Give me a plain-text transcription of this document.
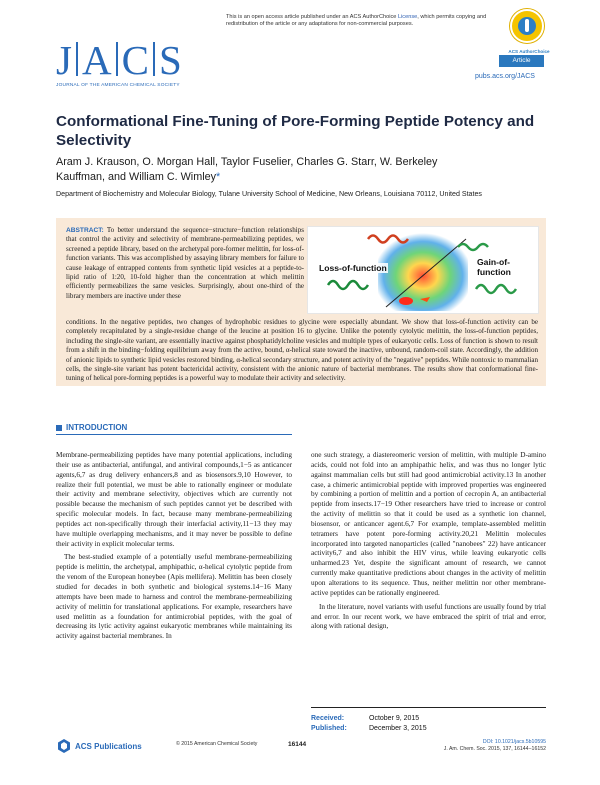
This is an open access article published under an ACS AuthorChoice License, which permits copying and redistribution of the article or any adaptations for non-commercial purposes.
ACS AuthorChoice
J A C S
JOURNAL OF THE AMERICAN CHEMICAL SOCIETY
Article
pubs.acs.org/JACS
Conformational Fine-Tuning of Pore-Forming Peptide Potency and Selectivity
Aram J. Krauson, O. Morgan Hall, Taylor Fuselier, Charles G. Starr, W. Berkeley Kauffman, and William C. Wimley*
Department of Biochemistry and Molecular Biology, Tulane University School of Medicine, New Orleans, Louisiana 70112, United States
ABSTRACT: To better understand the sequence−structure−function relationships that control the activity and selectivity of membrane-permeabilizing peptides, we screened a peptide library, based on the archetypal pore-former melittin, for loss-of-function variants. This was accomplished by assaying library members for failure to cause leakage of entrapped contents from synthetic lipid vesicles at a peptide-to-lipid ratio of 1:20, 10-fold higher than the concentration at which melittin efficiently permeabilizes the same vesicles. Surprisingly, about one-third of the library members are inactive under these
Loss-of-function
Gain-of-function
conditions. In the negative peptides, two changes of hydrophobic residues to glycine were especially abundant. We show that loss-of-function activity can be completely recapitulated by a single-residue change of the leucine at position 16 to glycine. Unlike the potently cytolytic melittin, the loss-of-function peptides, including the single-site variant, are essentially inactive against phosphatidylcholine vesicles and multiple types of eukaryotic cells. Loss of function is shown to result from a shift in the binding−folding equilibrium away from the active, bound, α-helical state toward the inactive, unbound, random-coil state. Accordingly, the addition of anionic lipids to synthetic lipid vesicles restored binding, α-helical secondary structure, and potent activity of the "negative" peptides. While nontoxic to mammalian cells, the single-site variant has potent bactericidal activity, consistent with the anionic nature of bacterial membranes. The results show that conformational fine-tuning of helical pore-forming peptides is a powerful way to modulate their activity and selectivity.
INTRODUCTION

Membrane-permeabilizing peptides have many potential applications, including their use as antibacterial, antifungal, and antiviral compounds,1−5 as anticancer agents,6,7 as drug delivery enhancers,8 and as biosensors.9,10 However, to realize their full potential, we must be able to rationally engineer or modulate their activity and membrane selectivity, objectives which are currently not possible because the mechanism of such peptides cannot yet be described with specific molecular models. In fact, because many membrane-permeabilizing peptides act non-specifically through their interfacial activity,11−13 they may have multiple overlapping mechanisms, and it may never be possible to define their activity in explicit molecular terms.

The best-studied example of a potentially useful membrane-permeabilizing peptide is melittin, the archetypal, amphipathic, α-helical cytolytic peptide from the venom of the European honeybee (Apis mellifera). Melittin has been closely studied for decades in both synthetic and biological systems.14−16 Many attempts have been made to harness and control the membrane-permeabilizing activity of melittin for translational applications. For example, researchers have used melittin as a foundation for antimicrobial peptides, with the goal of decreasing its lytic activity against eukaryotic membranes while maintaining its activity against bacterial membranes. In

one such strategy, a diastereomeric version of melittin, with multiple D-amino acids, could not fold into an amphipathic helix, and was thus no longer lytic against mammalian cells but still had good antimicrobial activity.13 In another case, a chimeric antimicrobial peptide with improved properties was engineered by combining a portion of melittin and a portion of cecropin A, an antibacterial peptide from insects.17−19 Other researchers have tried to increase or control the activity of melittin so that it could be used as a synthetic ion channel, biosensor, or anticancer agent.6,7 For example, template-assembled melittin tetramers have potent pore-forming activity.20,21 Melittin molecules incorporated into targeted nanoparticles (called "nanobees" 22) have anticancer activity6,7 and also inhibit the HIV virus, while leaving eukaryotic cells unharmed.23 Yet, despite the significant amount of research, we cannot currently make quantitative predictions about changes in the activity of melittin upon alterations to its sequence. Thus, neither melittin nor other membrane-active peptides can be rationally engineered.

In the literature, novel variants with useful functions are usually found by trial and error. In our recent work, we have embraced the spirit of trial and error, along with rational design,

Received:	October 9, 2015
Published:	December 3, 2015
ACS Publications	© 2015 American Chemical Society	16144	DOI: 10.1021/jacs.5b10595
J. Am. Chem. Soc. 2015, 137, 16144−16152
